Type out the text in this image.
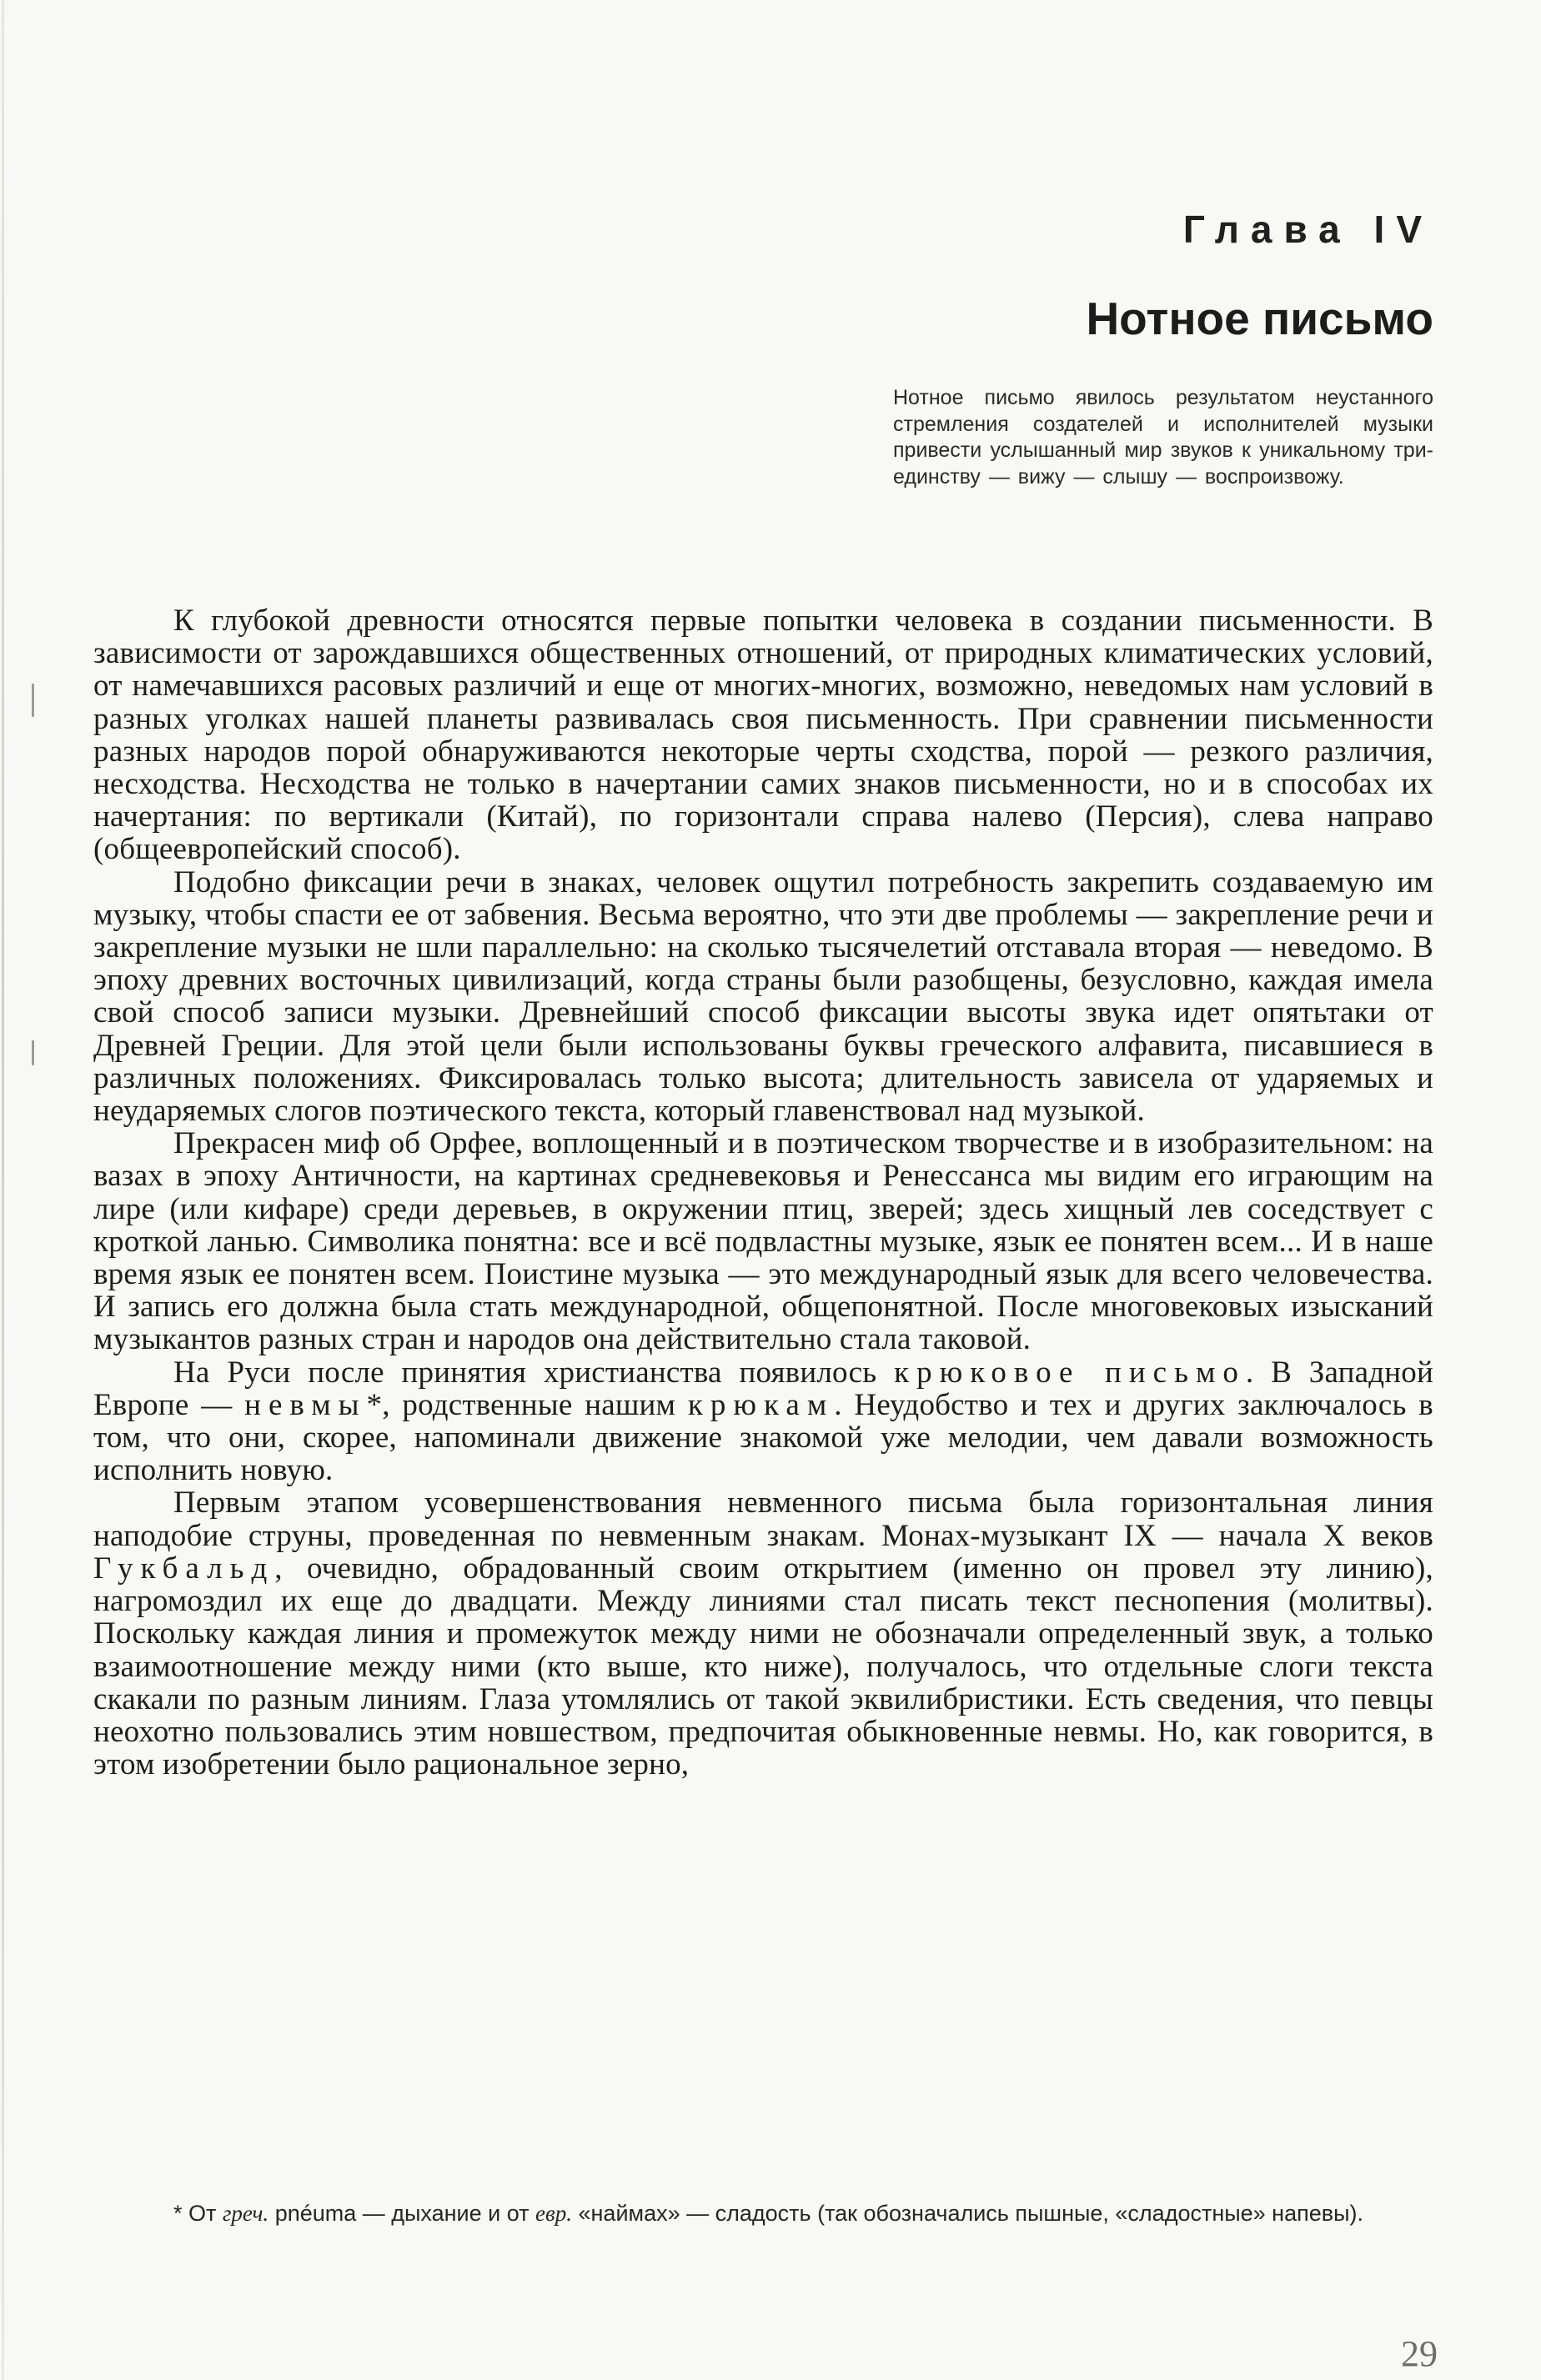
Глава IV
Нотное письмо
Нотное письмо явилось результатом неустанного стремления создателей и исполнителей музыки привести услышанный мир звуков к уникальному триединству — вижу — слышу — воспроизвожу.

К глубокой древности относятся первые попытки человека в создании письменности. В зависимости от зарождавшихся общественных отношений, от природных климатических условий, от намечавшихся расовых различий и еще от многих-многих, возможно, неведомых нам условий в разных уголках нашей планеты развивалась своя письменность. При сравнении письменности разных народов порой обнаруживаются некоторые черты сходства, порой — резкого различия, несходства. Несходства не только в начертании самих знаков письменности, но и в способах их начертания: по вертикали (Китай), по горизонтали справа налево (Персия), слева направо (общеевропейский способ).

Подобно фиксации речи в знаках, человек ощутил потребность закрепить создаваемую им музыку, чтобы спасти ее от забвения. Весьма вероятно, что эти две проблемы — закрепление речи и закрепление музыки не шли параллельно: на сколько тысячелетий отставала вторая — неведомо. В эпоху древних восточных цивилизаций, когда страны были разобщены, безусловно, каждая имела свой способ записи музыки. Древнейший способ фиксации высоты звука идет опятьтаки от Древней Греции. Для этой цели были использованы буквы греческого алфавита, писавшиеся в различных положениях. Фиксировалась только высота; длительность зависела от ударяемых и неударяемых слогов поэтического текста, который главенствовал над музыкой.

Прекрасен миф об Орфее, воплощенный и в поэтическом творчестве и в изобразительном: на вазах в эпоху Античности, на картинах средневековья и Ренессанса мы видим его играющим на лире (или кифаре) среди деревьев, в окружении птиц, зверей; здесь хищный лев соседствует с кроткой ланью. Символика понятна: все и всё подвластны музыке, язык ее понятен всем... И в наше время язык ее понятен всем. Поистине музыка — это международный язык для всего человечества. И запись его должна была стать международной, общепонятной. После многовековых изысканий музыкантов разных стран и народов она действительно стала таковой.

На Руси после принятия христианства появилось крюковое письмо. В Западной Европе — невмы*, родственные нашим крюкам. Неудобство и тех и других заключалось в том, что они, скорее, напоминали движение знакомой уже мелодии, чем давали возможность исполнить новую.

Первым этапом усовершенствования невменного письма была горизонтальная линия наподобие струны, проведенная по невменным знакам. Монах-музыкант IX — начала X веков Гукбальд, очевидно, обрадованный своим открытием (именно он провел эту линию), нагромоздил их еще до двадцати. Между линиями стал писать текст песнопения (молитвы). Поскольку каждая линия и промежуток между ними не обозначали определенный звук, а только взаимоотношение между ними (кто выше, кто ниже), получалось, что отдельные слоги текста скакали по разным линиям. Глаза утомлялись от такой эквилибристики. Есть сведения, что певцы неохотно пользовались этим новшеством, предпочитая обыкновенные невмы. Но, как говорится, в этом изобретении было рациональное зерно,

* От греч. pnéuma — дыхание и от евр. «наймах» — сладость (так обозначались пышные, «сладостные» напевы).
29
